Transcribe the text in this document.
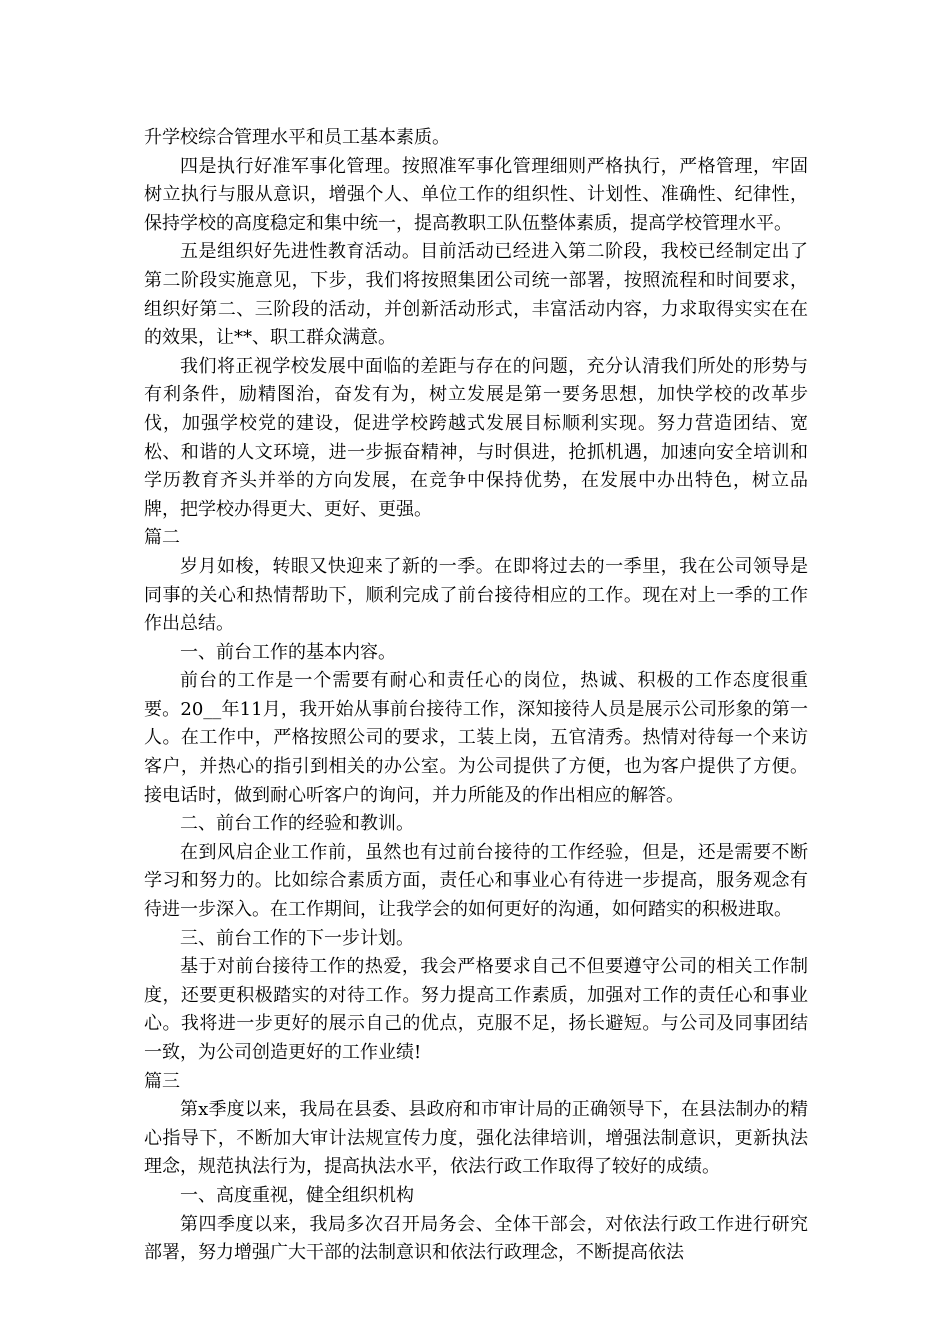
升学校综合管理水平和员工基本素质。

四是执行好准军事化管理。按照准军事化管理细则严格执行，严格管理，牢固树立执行与服从意识，增强个人、单位工作的组织性、计划性、准确性、纪律性，保持学校的高度稳定和集中统一，提高教职工队伍整体素质，提高学校管理水平。

五是组织好先进性教育活动。目前活动已经进入第二阶段，我校已经制定出了第二阶段实施意见，下步，我们将按照集团公司统一部署，按照流程和时间要求，组织好第二、三阶段的活动，并创新活动形式，丰富活动内容，力求取得实实在在的效果，让**、职工群众满意。

我们将正视学校发展中面临的差距与存在的问题，充分认清我们所处的形势与有利条件，励精图治，奋发有为，树立发展是第一要务思想，加快学校的改革步伐，加强学校党的建设，促进学校跨越式发展目标顺利实现。努力营造团结、宽松、和谐的人文环境，进一步振奋精神，与时俱进，抢抓机遇，加速向安全培训和学历教育齐头并举的方向发展，在竞争中保持优势，在发展中办出特色，树立品牌，把学校办得更大、更好、更强。

篇二

岁月如梭，转眼又快迎来了新的一季。在即将过去的一季里，我在公司领导是同事的关心和热情帮助下，顺利完成了前台接待相应的工作。现在对上一季的工作作出总结。

一、前台工作的基本内容。

前台的工作是一个需要有耐心和责任心的岗位，热诚、积极的工作态度很重要。20__年11月，我开始从事前台接待工作，深知接待人员是展示公司形象的第一人。在工作中，严格按照公司的要求，工装上岗，五官清秀。热情对待每一个来访客户，并热心的指引到相关的办公室。为公司提供了方便，也为客户提供了方便。接电话时，做到耐心听客户的询问，并力所能及的作出相应的解答。

二、前台工作的经验和教训。

在到风启企业工作前，虽然也有过前台接待的工作经验，但是，还是需要不断学习和努力的。比如综合素质方面，责任心和事业心有待进一步提高，服务观念有待进一步深入。在工作期间，让我学会的如何更好的沟通，如何踏实的积极进取。

三、前台工作的下一步计划。

基于对前台接待工作的热爱，我会严格要求自己不但要遵守公司的相关工作制度，还要更积极踏实的对待工作。努力提高工作素质，加强对工作的责任心和事业心。我将进一步更好的展示自己的优点，克服不足，扬长避短。与公司及同事团结一致，为公司创造更好的工作业绩!

篇三

第x季度以来，我局在县委、县政府和市审计局的正确领导下，在县法制办的精心指导下，不断加大审计法规宣传力度，强化法律培训，增强法制意识，更新执法理念，规范执法行为，提高执法水平，依法行政工作取得了较好的成绩。

一、高度重视，健全组织机构

第四季度以来，我局多次召开局务会、全体干部会，对依法行政工作进行研究部署，努力增强广大干部的法制意识和依法行政理念，不断提高依法
